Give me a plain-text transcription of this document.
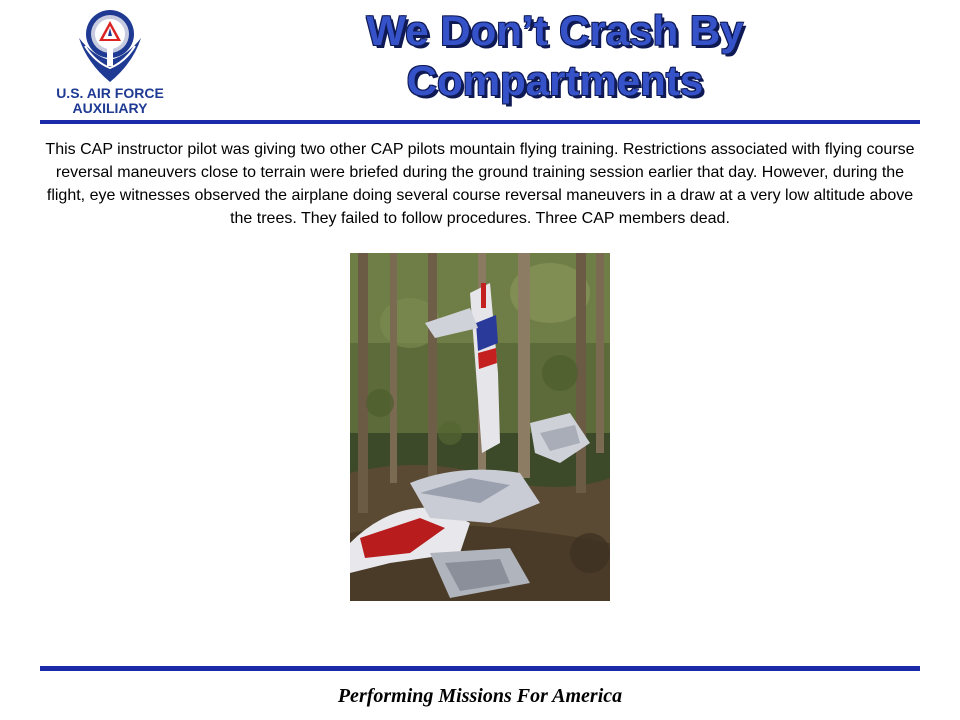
U.S. AIR FORCE
AUXILIARY
We Don’t Crash By Compartments
This CAP instructor pilot was giving two other CAP pilots mountain flying training. Restrictions associated with flying course reversal maneuvers close to terrain were briefed during the ground training session earlier that day. However, during the flight, eye witnesses observed the airplane doing several course reversal maneuvers in a draw at a very low altitude above the trees. They failed to follow procedures. Three CAP members dead.
Performing Missions For America
